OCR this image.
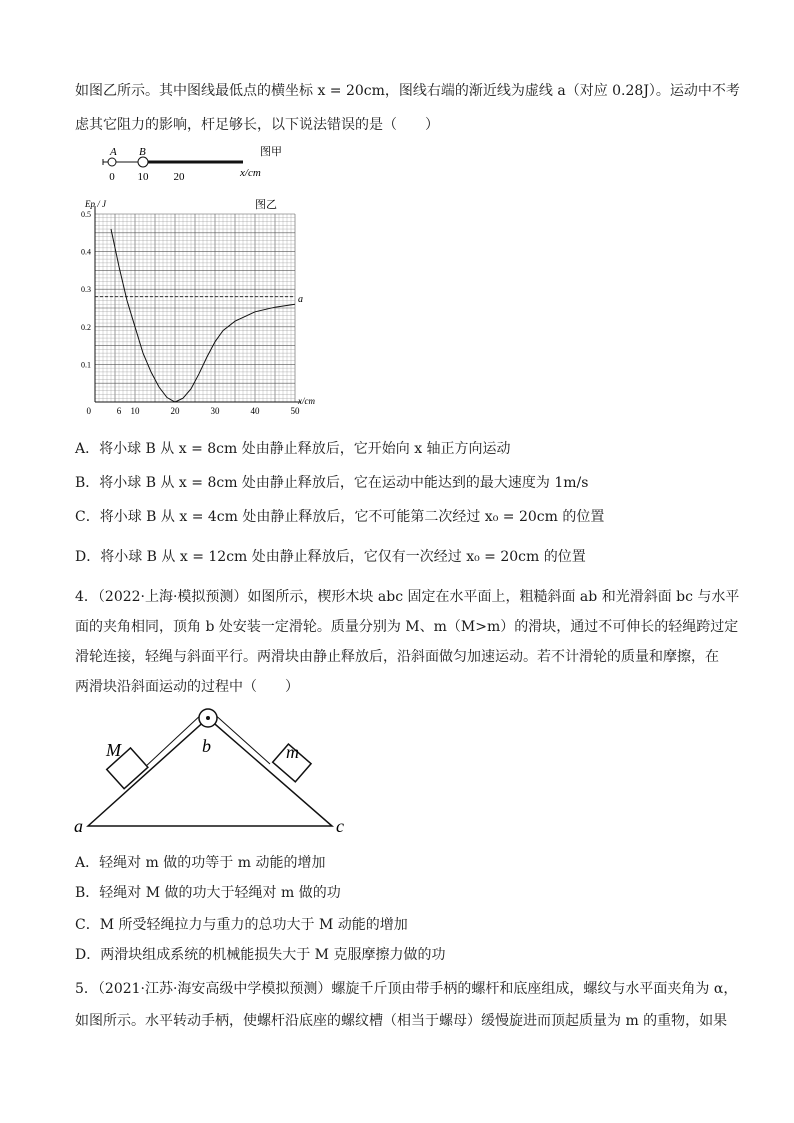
如图乙所示。其中图线最低点的横坐标 x = 20cm，图线右端的渐近线为虚线 a（对应 0.28J）。运动中不考
虑其它阻力的影响，杆足够长，以下说法错误的是（　　）
A B	图甲
0 10 20	x/cm
0.1
0.2
0.3
0.4
0.5
6 10	20	30	40	50
0
图乙
Ep / J
a
x/cm
A．将小球 B 从 x = 8cm 处由静止释放后，它开始向 x 轴正方向运动
B．将小球 B 从 x = 8cm 处由静止释放后，它在运动中能达到的最大速度为 1m/s
C．将小球 B 从 x = 4cm 处由静止释放后，它不可能第二次经过 x₀ = 20cm 的位置
D．将小球 B 从 x = 12cm 处由静止释放后，它仅有一次经过 x₀ = 20cm 的位置
4．（2022·上海·模拟预测）如图所示，楔形木块 abc 固定在水平面上，粗糙斜面 ab 和光滑斜面 bc 与水平
面的夹角相同，顶角 b 处安装一定滑轮。质量分别为 M、m（M>m）的滑块，通过不可伸长的轻绳跨过定
滑轮连接，轻绳与斜面平行。两滑块由静止释放后，沿斜面做匀加速运动。若不计滑轮的质量和摩擦，在
两滑块沿斜面运动的过程中（　　）
M	m
b
a	c
A．轻绳对 m 做的功等于 m 动能的增加
B．轻绳对 M 做的功大于轻绳对 m 做的功
C．M 所受轻绳拉力与重力的总功大于 M 动能的增加
D．两滑块组成系统的机械能损失大于 M 克服摩擦力做的功
5．（2021·江苏·海安高级中学模拟预测）螺旋千斤顶由带手柄的螺杆和底座组成，螺纹与水平面夹角为 α，
如图所示。水平转动手柄，使螺杆沿底座的螺纹槽（相当于螺母）缓慢旋进而顶起质量为 m 的重物，如果
